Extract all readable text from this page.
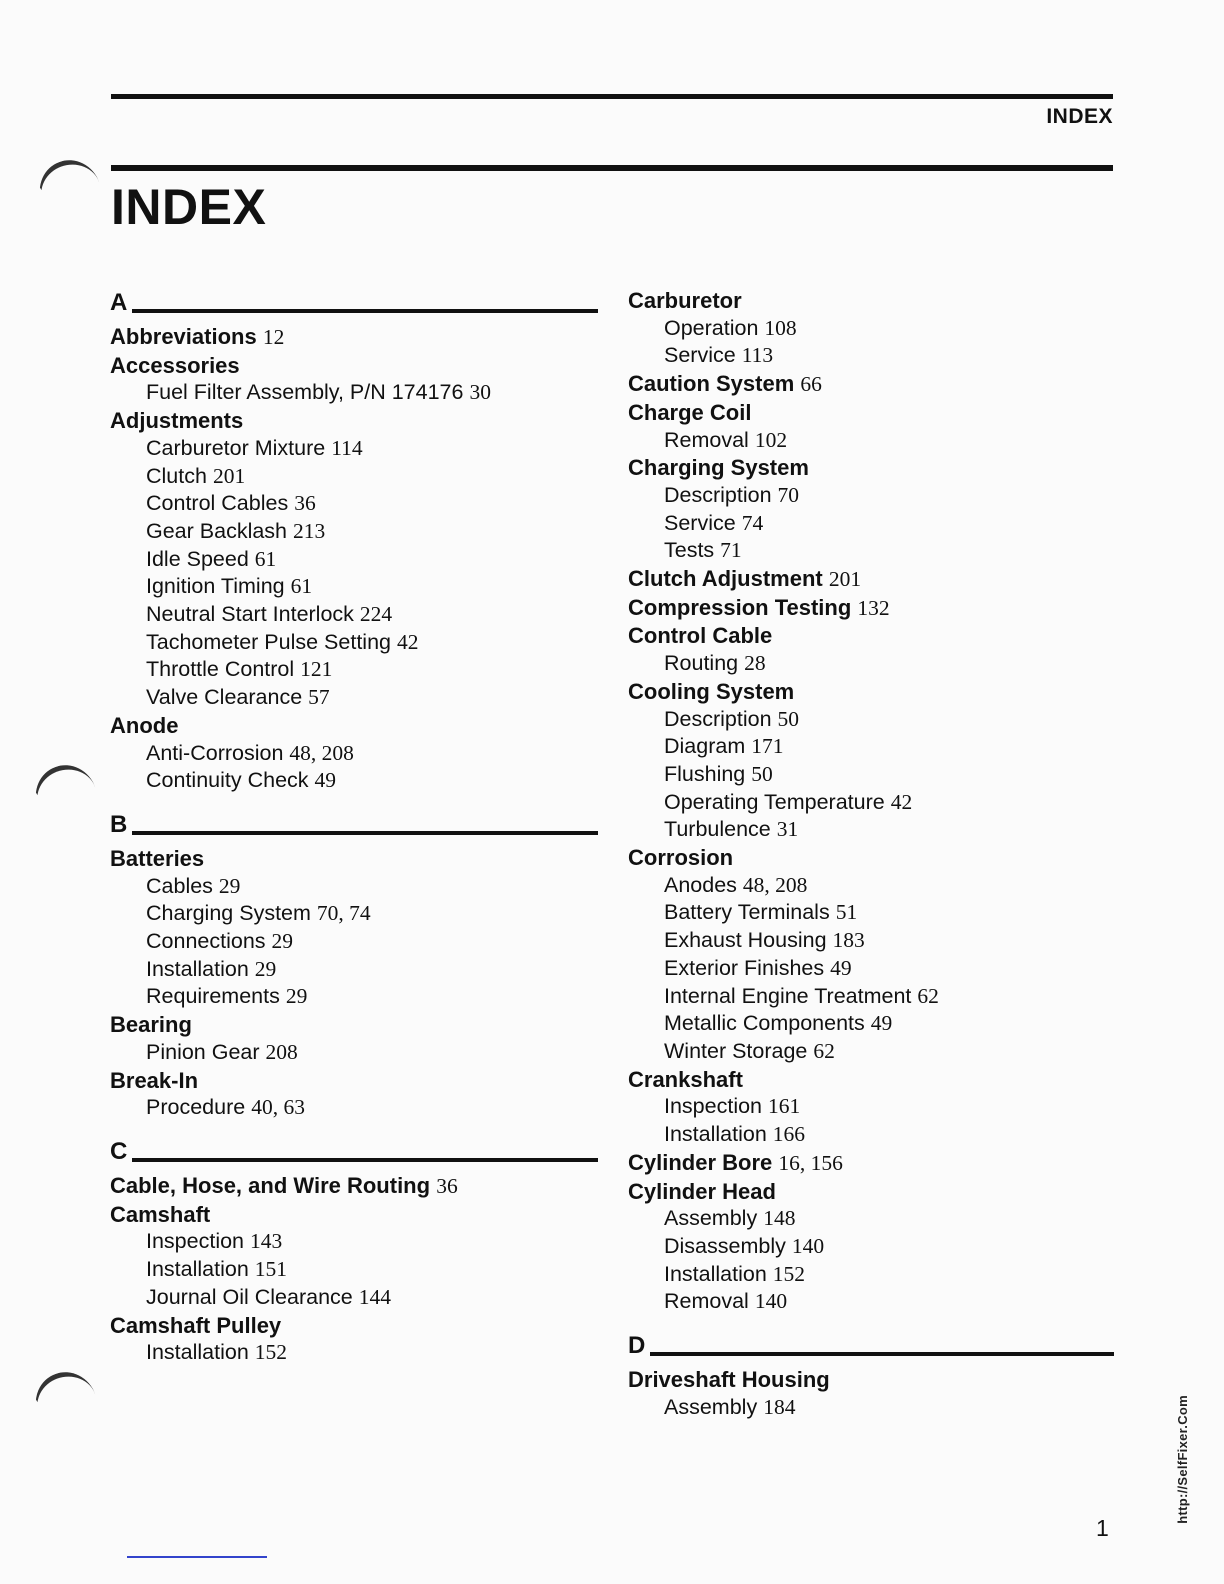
INDEX
INDEX
A
Abbreviations 12
Accessories
Fuel Filter Assembly, P/N 174176 30
Adjustments
Carburetor Mixture 114
Clutch 201
Control Cables 36
Gear Backlash 213
Idle Speed 61
Ignition Timing 61
Neutral Start Interlock 224
Tachometer Pulse Setting 42
Throttle Control 121
Valve Clearance 57
Anode
Anti-Corrosion 48, 208
Continuity Check 49
B
Batteries
Cables 29
Charging System 70, 74
Connections 29
Installation 29
Requirements 29
Bearing
Pinion Gear 208
Break-In
Procedure 40, 63
C
Cable, Hose, and Wire Routing 36
Camshaft
Inspection 143
Installation 151
Journal Oil Clearance 144
Camshaft Pulley
Installation 152
Carburetor
Operation 108
Service 113
Caution System 66
Charge Coil
Removal 102
Charging System
Description 70
Service 74
Tests 71
Clutch Adjustment 201
Compression Testing 132
Control Cable
Routing 28
Cooling System
Description 50
Diagram 171
Flushing 50
Operating Temperature 42
Turbulence 31
Corrosion
Anodes 48, 208
Battery Terminals 51
Exhaust Housing 183
Exterior Finishes 49
Internal Engine Treatment 62
Metallic Components 49
Winter Storage 62
Crankshaft
Inspection 161
Installation 166
Cylinder Bore 16, 156
Cylinder Head
Assembly 148
Disassembly 140
Installation 152
Removal 140
D
Driveshaft Housing
Assembly 184	http://SelfFixer.Com
1
